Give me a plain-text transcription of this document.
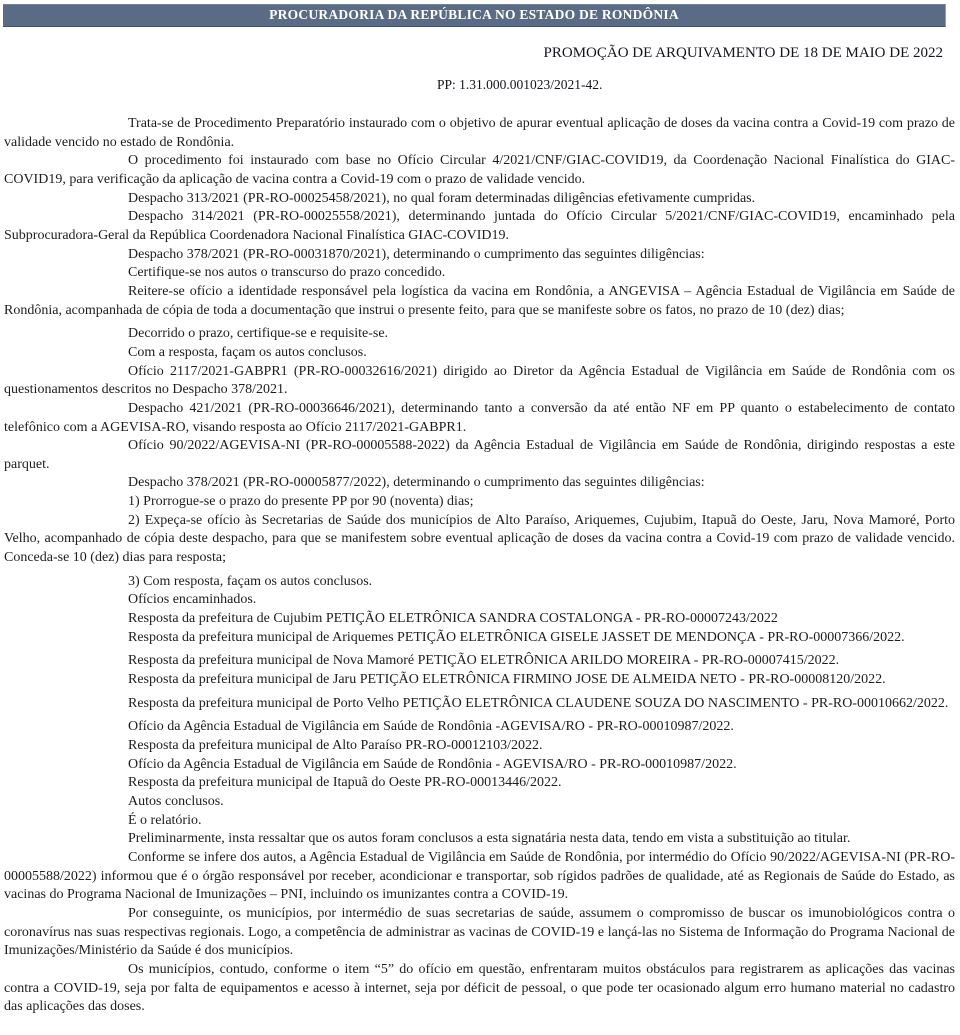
PROCURADORIA DA REPÚBLICA NO ESTADO DE RONDÔNIA
PROMOÇÃO DE ARQUIVAMENTO DE 18 DE MAIO DE 2022
PP: 1.31.000.001023/2021-42.

Trata-se de Procedimento Preparatório instaurado com o objetivo de apurar eventual aplicação de doses da vacina contra a Covid-19 com prazo de validade vencido no estado de Rondônia.

O procedimento foi instaurado com base no Ofício Circular 4/2021/CNF/GIAC-COVID19, da Coordenação Nacional Finalística do GIAC-COVID19, para verificação da aplicação de vacina contra a Covid-19 com o prazo de validade vencido.

Despacho 313/2021 (PR-RO-00025458/2021), no qual foram determinadas diligências efetivamente cumpridas.

Despacho 314/2021 (PR-RO-00025558/2021), determinando juntada do Ofício Circular 5/2021/CNF/GIAC-COVID19, encaminhado pela Subprocuradora-Geral da República Coordenadora Nacional Finalística GIAC-COVID19.

Despacho 378/2021 (PR-RO-00031870/2021), determinando o cumprimento das seguintes diligências:

Certifique-se nos autos o transcurso do prazo concedido.

Reitere-se ofício a identidade responsável pela logística da vacina em Rondônia, a ANGEVISA – Agência Estadual de Vigilância em Saúde de Rondônia, acompanhada de cópia de toda a documentação que instrui o presente feito, para que se manifeste sobre os fatos, no prazo de 10 (dez) dias;

Decorrido o prazo, certifique-se e requisite-se.

Com a resposta, façam os autos conclusos.

Ofício 2117/2021-GABPR1 (PR-RO-00032616/2021) dirigido ao Diretor da Agência Estadual de Vigilância em Saúde de Rondônia com os questionamentos descritos no Despacho 378/2021.

Despacho 421/2021 (PR-RO-00036646/2021), determinando tanto a conversão da até então NF em PP quanto o estabelecimento de contato telefônico com a AGEVISA-RO, visando resposta ao Ofício 2117/2021-GABPR1.

Ofício 90/2022/AGEVISA-NI (PR-RO-00005588-2022) da Agência Estadual de Vigilância em Saúde de Rondônia, dirigindo respostas a este parquet.

Despacho 378/2021 (PR-RO-00005877/2022), determinando o cumprimento das seguintes diligências:

1) Prorrogue-se o prazo do presente PP por 90 (noventa) dias;

2) Expeça-se ofício às Secretarias de Saúde dos municípios de Alto Paraíso, Ariquemes, Cujubim, Itapuã do Oeste, Jaru, Nova Mamoré, Porto Velho, acompanhado de cópia deste despacho, para que se manifestem sobre eventual aplicação de doses da vacina contra a Covid-19 com prazo de validade vencido. Conceda-se 10 (dez) dias para resposta;

3) Com resposta, façam os autos conclusos.

Ofícios encaminhados.

Resposta da prefeitura de Cujubim PETIÇÃO ELETRÔNICA SANDRA COSTALONGA - PR-RO-00007243/2022

Resposta da prefeitura municipal de Ariquemes PETIÇÃO ELETRÔNICA GISELE JASSET DE MENDONÇA - PR-RO-00007366/2022.

Resposta da prefeitura municipal de Nova Mamoré PETIÇÃO ELETRÔNICA ARILDO MOREIRA - PR-RO-00007415/2022.

Resposta da prefeitura municipal de Jaru PETIÇÃO ELETRÔNICA FIRMINO JOSE DE ALMEIDA NETO - PR-RO-00008120/2022.

Resposta da prefeitura municipal de Porto Velho PETIÇÃO ELETRÔNICA CLAUDENE SOUZA DO NASCIMENTO - PR-RO-00010662/2022.

Ofício da Agência Estadual de Vigilância em Saúde de Rondônia -AGEVISA/RO - PR-RO-00010987/2022.

Resposta da prefeitura municipal de Alto Paraíso PR-RO-00012103/2022.

Ofício da Agência Estadual de Vigilância em Saúde de Rondônia - AGEVISA/RO - PR-RO-00010987/2022.

Resposta da prefeitura municipal de Itapuã do Oeste PR-RO-00013446/2022.

Autos conclusos.

É o relatório.

Preliminarmente, insta ressaltar que os autos foram conclusos a esta signatária nesta data, tendo em vista a substituição ao titular.

Conforme se infere dos autos, a Agência Estadual de Vigilância em Saúde de Rondônia, por intermédio do Ofício 90/2022/AGEVISA-NI (PR-RO-00005588/2022) informou que é o órgão responsável por receber, acondicionar e transportar, sob rígidos padrões de qualidade, até as Regionais de Saúde do Estado, as vacinas do Programa Nacional de Imunizações – PNI, incluindo os imunizantes contra a COVID-19.

Por conseguinte, os municípios, por intermédio de suas secretarias de saúde, assumem o compromisso de buscar os imunobiológicos contra o coronavírus nas suas respectivas regionais. Logo, a competência de administrar as vacinas de COVID-19 e lançá-las no Sistema de Informação do Programa Nacional de Imunizações/Ministério da Saúde é dos municípios.

Os municípios, contudo, conforme o item “5” do ofício em questão, enfrentaram muitos obstáculos para registrarem as aplicações das vacinas contra a COVID-19, seja por falta de equipamentos e acesso à internet, seja por déficit de pessoal, o que pode ter ocasionado algum erro humano material no cadastro das aplicações das doses.
